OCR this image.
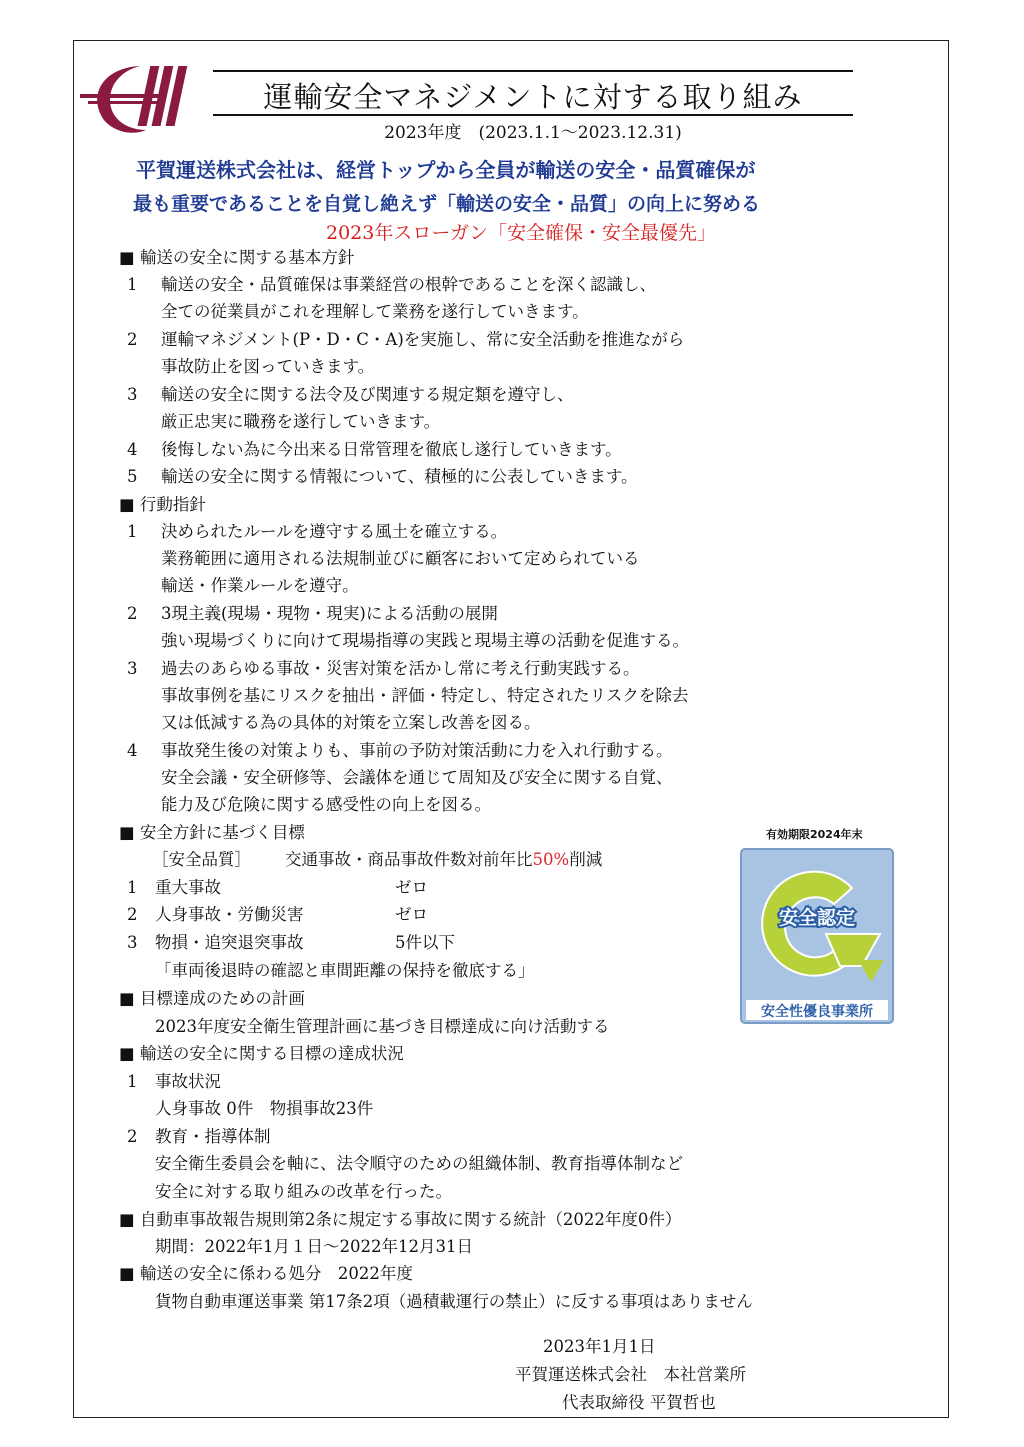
運輸安全マネジメントに対する取り組み
2023年度　(2023.1.1～2023.12.31)
平賀運送株式会社は、経営トップから全員が輸送の安全・品質確保が
最も重要であることを自覚し絶えず「輸送の安全・品質」の向上に努める
2023年スローガン「安全確保・安全最優先」
■ 輸送の安全に関する基本方針
1 輸送の安全・品質確保は事業経営の根幹であることを深く認識し、
全ての従業員がこれを理解して業務を遂行していきます。
2 運輸マネジメント(P・D・C・A)を実施し、常に安全活動を推進ながら
事故防止を図っていきます。
3 輸送の安全に関する法令及び関連する規定類を遵守し、
厳正忠実に職務を遂行していきます。
4 後悔しない為に今出来る日常管理を徹底し遂行していきます。
5 輸送の安全に関する情報について、積極的に公表していきます。
■ 行動指針
1 決められたルールを遵守する風土を確立する。
業務範囲に適用される法規制並びに顧客において定められている
輸送・作業ルールを遵守。
2 3現主義(現場・現物・現実)による活動の展開
強い現場づくりに向けて現場指導の実践と現場主導の活動を促進する。
3 過去のあらゆる事故・災害対策を活かし常に考え行動実践する。
事故事例を基にリスクを抽出・評価・特定し、特定されたリスクを除去
又は低減する為の具体的対策を立案し改善を図る。
4 事故発生後の対策よりも、事前の予防対策活動に力を入れ行動する。
安全会議・安全研修等、会議体を通じて周知及び安全に関する自覚、
能力及び危険に関する感受性の向上を図る。
■ 安全方針に基づく目標
［安全品質］ 交通事故・商品事故件数対前年比50%削減
1 重大事故	ゼロ
2 人身事故・労働災害	ゼロ
3 物損・追突退突事故	5件以下
「車両後退時の確認と車間距離の保持を徹底する」
有効期限2024年末
安全認定
安全性優良事業所
■ 目標達成のための計画
2023年度安全衛生管理計画に基づき目標達成に向け活動する
■ 輸送の安全に関する目標の達成状況
1 事故状況
人身事故 0件　物損事故23件
2 教育・指導体制
安全衛生委員会を軸に、法令順守のための組織体制、教育指導体制など
安全に対する取り組みの改革を行った。
■ 自動車事故報告規則第2条に規定する事故に関する統計（2022年度0件）
期間：2022年1月１日～2022年12月31日
■ 輸送の安全に係わる処分　2022年度
貨物自動車運送事業 第17条2項（過積載運行の禁止）に反する事項はありません
2023年1月1日
平賀運送株式会社　本社営業所
代表取締役 平賀哲也
